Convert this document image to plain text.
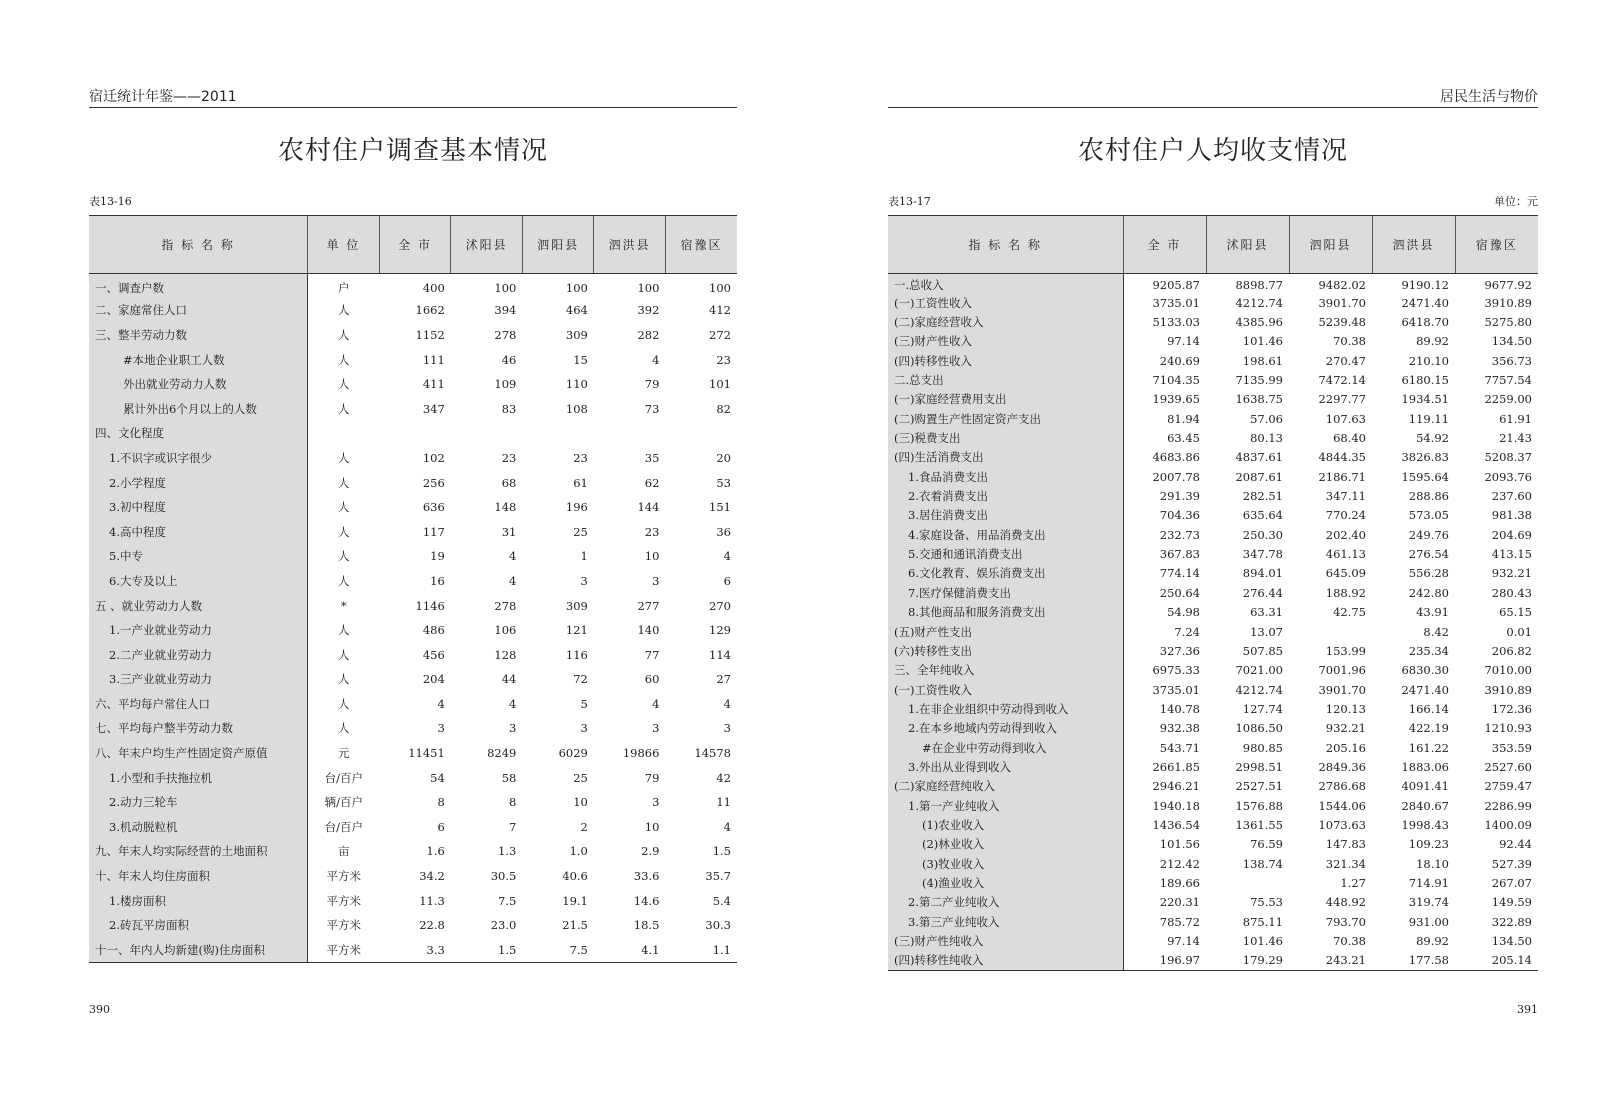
宿迁统计年鉴——2011
农村住户调查基本情况
表13-16
指 标 名 称	单 位	全 市	沭阳县	泗阳县	泗洪县	宿豫区
一、调查户数	户	400	100	100	100	100
二、家庭常住人口	人	1662	394	464	392	412
三、整半劳动力数	人	1152	278	309	282	272
#本地企业职工人数	人	111	46	15	4	23
外出就业劳动力人数	人	411	109	110	79	101
累计外出6个月以上的人数	人	347	83	108	73	82
四、文化程度						
1.不识字或识字很少	人	102	23	23	35	20
2.小学程度	人	256	68	61	62	53
3.初中程度	人	636	148	196	144	151
4.高中程度	人	117	31	25	23	36
5.中专	人	19	4	1	10	4
6.大专及以上	人	16	4	3	3	6
五 、就业劳动力人数	*	1146	278	309	277	270
1.一产业就业劳动力	人	486	106	121	140	129
2.二产业就业劳动力	人	456	128	116	77	114
3.三产业就业劳动力	人	204	44	72	60	27
六、平均每户常住人口	人	4	4	5	4	4
七、平均每户整半劳动力数	人	3	3	3	3	3
八、年末户均生产性固定资产原值	元	11451	8249	6029	19866	14578
1.小型和手扶拖拉机	台/百户	54	58	25	79	42
2.动力三轮车	辆/百户	8	8	10	3	11
3.机动脱粒机	台/百户	6	7	2	10	4
九、年末人均实际经营的土地面积	亩	1.6	1.3	1.0	2.9	1.5
十、年末人均住房面积	平方米	34.2	30.5	40.6	33.6	35.7
1.楼房面积	平方米	11.3	7.5	19.1	14.6	5.4
2.砖瓦平房面积	平方米	22.8	23.0	21.5	18.5	30.3
十一、年内人均新建(购)住房面积	平方米	3.3	1.5	7.5	4.1	1.1
390
居民生活与物价
农村住户人均收支情况
表13-17	单位：元
指 标 名 称	全 市	沭阳县	泗阳县	泗洪县	宿豫区
一.总收入	9205.87	8898.77	9482.02	9190.12	9677.92
(一)工资性收入	3735.01	4212.74	3901.70	2471.40	3910.89
(二)家庭经营收入	5133.03	4385.96	5239.48	6418.70	5275.80
(三)财产性收入	97.14	101.46	70.38	89.92	134.50
(四)转移性收入	240.69	198.61	270.47	210.10	356.73
二.总支出	7104.35	7135.99	7472.14	6180.15	7757.54
(一)家庭经营费用支出	1939.65	1638.75	2297.77	1934.51	2259.00
(二)购置生产性固定资产支出	81.94	57.06	107.63	119.11	61.91
(三)税费支出	63.45	80.13	68.40	54.92	21.43
(四)生活消费支出	4683.86	4837.61	4844.35	3826.83	5208.37
1.食品消费支出	2007.78	2087.61	2186.71	1595.64	2093.76
2.衣着消费支出	291.39	282.51	347.11	288.86	237.60
3.居住消费支出	704.36	635.64	770.24	573.05	981.38
4.家庭设备、用品消费支出	232.73	250.30	202.40	249.76	204.69
5.交通和通讯消费支出	367.83	347.78	461.13	276.54	413.15
6.文化教育、娱乐消费支出	774.14	894.01	645.09	556.28	932.21
7.医疗保健消费支出	250.64	276.44	188.92	242.80	280.43
8.其他商品和服务消费支出	54.98	63.31	42.75	43.91	65.15
(五)财产性支出	7.24	13.07		8.42	0.01
(六)转移性支出	327.36	507.85	153.99	235.34	206.82
三、全年纯收入	6975.33	7021.00	7001.96	6830.30	7010.00
(一)工资性收入	3735.01	4212.74	3901.70	2471.40	3910.89
1.在非企业组织中劳动得到收入	140.78	127.74	120.13	166.14	172.36
2.在本乡地域内劳动得到收入	932.38	1086.50	932.21	422.19	1210.93
#在企业中劳动得到收入	543.71	980.85	205.16	161.22	353.59
3.外出从业得到收入	2661.85	2998.51	2849.36	1883.06	2527.60
(二)家庭经营纯收入	2946.21	2527.51	2786.68	4091.41	2759.47
1.第一产业纯收入	1940.18	1576.88	1544.06	2840.67	2286.99
(1)农业收入	1436.54	1361.55	1073.63	1998.43	1400.09
(2)林业收入	101.56	76.59	147.83	109.23	92.44
(3)牧业收入	212.42	138.74	321.34	18.10	527.39
(4)渔业收入	189.66		1.27	714.91	267.07
2.第二产业纯收入	220.31	75.53	448.92	319.74	149.59
3.第三产业纯收入	785.72	875.11	793.70	931.00	322.89
(三)财产性纯收入	97.14	101.46	70.38	89.92	134.50
(四)转移性纯收入	196.97	179.29	243.21	177.58	205.14
391
